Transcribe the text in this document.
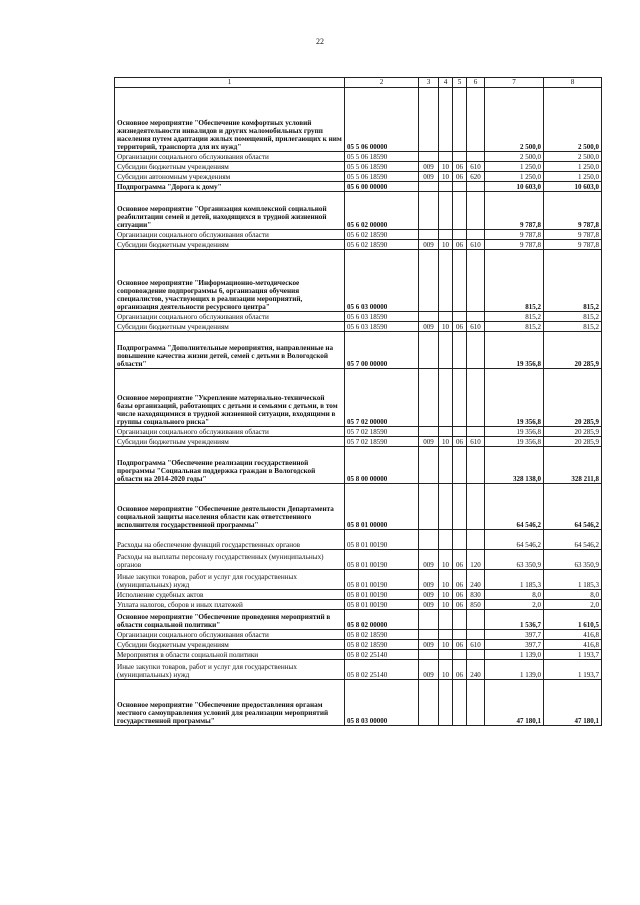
22
1	2	3	4	5	6	7	8
Основное мероприятие "Обеспечение комфортных условий жизнедеятельности инвалидов и других маломобильных групп населения путем адаптации жилых помещений, прилегающих к ним территорий, транспорта для их нужд"	05 5 06 00000					2 500,0	2 500,0
Организации социального обслуживания области	05 5 06 18590					2 500,0	2 500,0
Субсидии бюджетным учреждениям	05 5 06 18590	009	10	06	610	1 250,0	1 250,0
Субсидии автономным учреждениям	05 5 06 18590	009	10	06	620	1 250,0	1 250,0
Подпрограмма "Дорога к дому"	05 6 00 00000					10 603,0	10 603,0
Основное мероприятие "Организация комплексной социальной реабилитации семей и детей, находящихся в трудной жизненной ситуации"	05 6 02 00000					9 787,8	9 787,8
Организации социального обслуживания области	05 6 02 18590					9 787,8	9 787,8
Субсидии бюджетным учреждениям	05 6 02 18590	009	10	06	610	9 787,8	9 787,8
Основное мероприятие "Информационно-методическое сопровождение подпрограммы 6, организация обучения специалистов, участвующих в реализации мероприятий, организация деятельности ресурсного центра"	05 6 03 00000					815,2	815,2
Организации социального обслуживания области	05 6 03 18590					815,2	815,2
Субсидии бюджетным учреждениям	05 6 03 18590	009	10	06	610	815,2	815,2
Подпрограмма "Дополнительные мероприятия, направленные на повышение качества жизни детей, семей с детьми в Вологодской области"	05 7 00 00000					19 356,8	20 285,9
Основное мероприятие "Укрепление материально-технической базы организаций, работающих с детьми и семьями с детьми, в том числе находящимися в трудной жизненной ситуации, входящими в группы социального риска"	05 7 02 00000					19 356,8	20 285,9
Организации социального обслуживания области	05 7 02 18590					19 356,8	20 285,9
Субсидии бюджетным учреждениям	05 7 02 18590	009	10	06	610	19 356,8	20 285,9
Подпрограмма "Обеспечение реализации государственной программы "Социальная поддержка граждан в Вологодской области на 2014-2020 годы"	05 8 00 00000					328 138,0	328 211,8
Основное мероприятие "Обеспечение деятельности Департамента социальной защиты населения области как ответственного исполнителя государственной программы"	05 8 01 00000					64 546,2	64 546,2
Расходы на обеспечение функций государственных органов	05 8 01 00190					64 546,2	64 546,2
Расходы на выплаты персоналу государственных (муниципальных) органов	05 8 01 00190	009	10	06	120	63 350,9	63 350,9
Иные закупки товаров, работ и услуг для государственных (муниципальных) нужд	05 8 01 00190	009	10	06	240	1 185,3	1 185,3
Исполнение судебных актов	05 8 01 00190	009	10	06	830	8,0	8,0
Уплата налогов, сборов и иных платежей	05 8 01 00190	009	10	06	850	2,0	2,0
Основное мероприятие "Обеспечение проведения мероприятий в области социальной политики"	05 8 02 00000					1 536,7	1 610,5
Организации социального обслуживания области	05 8 02 18590					397,7	416,8
Субсидии бюджетным учреждениям	05 8 02 18590	009	10	06	610	397,7	416,8
Мероприятия в области социальной политики	05 8 02 25140					1 139,0	1 193,7
Иные закупки товаров, работ и услуг для государственных (муниципальных) нужд	05 8 02 25140	009	10	06	240	1 139,0	1 193,7
Основное мероприятие "Обеспечение предоставления органам местного самоуправления условий для реализации мероприятий государственной программы"	05 8 03 00000					47 180,1	47 180,1
